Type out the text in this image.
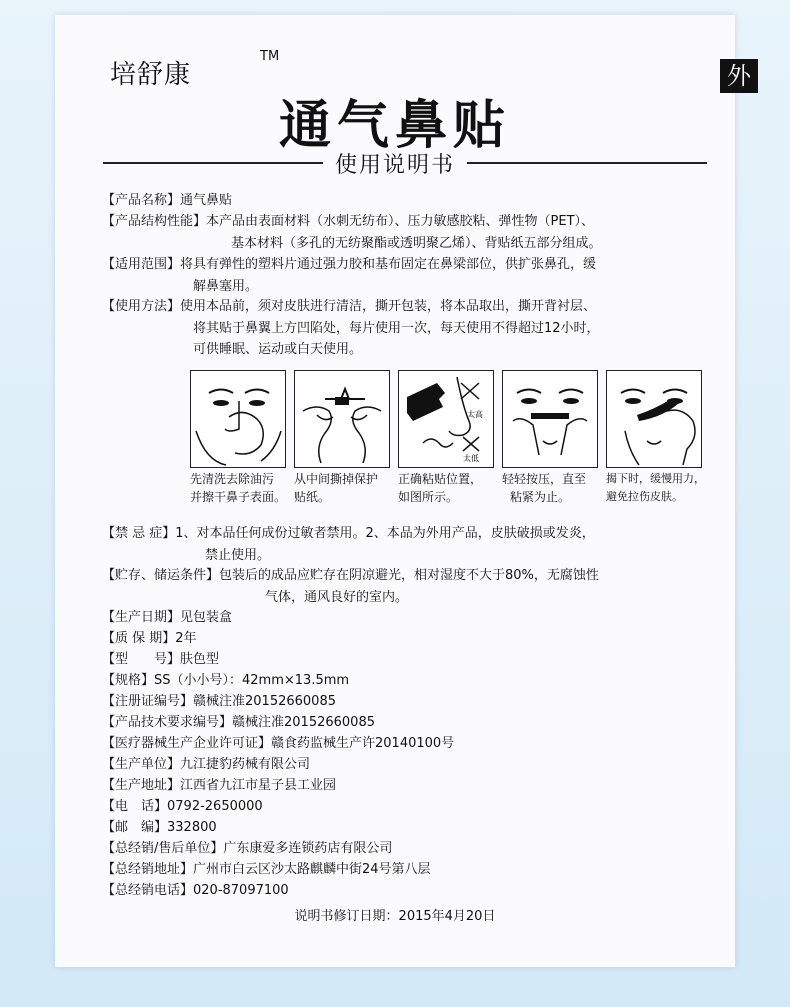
培舒康
TM
外
通气鼻贴
使用说明书
【产品名称】通气鼻贴
【产品结构性能】本产品由表面材料（水刺无纺布）、压力敏感胶粘、弹性物（PET）、
基本材料（多孔的无纺聚酯或透明聚乙烯）、背贴纸五部分组成。
【适用范围】将具有弹性的塑料片通过强力胶和基布固定在鼻梁部位，供扩张鼻孔，缓
解鼻塞用。
【使用方法】使用本品前，须对皮肤进行清洁，撕开包装，将本品取出，撕开背衬层、
将其贴于鼻翼上方凹陷处，每片使用一次，每天使用不得超过12小时，
可供睡眠、运动或白天使用。
太高
太低
先清洗去除油污
并擦干鼻子表面。
从中间撕掉保护
贴纸。
正确粘贴位置，
如图所示。
轻轻按压，直至
粘紧为止。
揭下时，缓慢用力，
避免拉伤皮肤。
【禁 忌 症】1、对本品任何成份过敏者禁用。2、本品为外用产品，皮肤破损或发炎，
禁止使用。
【贮存、储运条件】包装后的成品应贮存在阴凉避光，相对湿度不大于80%，无腐蚀性
气体，通风良好的室内。
【生产日期】见包装盒
【质 保 期】2年
【型　　号】肤色型
【规格】SS（小小号）：42mm×13.5mm
【注册证编号】赣械注准20152660085
【产品技术要求编号】赣械注准20152660085
【医疗器械生产企业许可证】赣食药监械生产许20140100号
【生产单位】九江捷豹药械有限公司
【生产地址】江西省九江市星子县工业园
【电　话】0792-2650000
【邮　编】332800
【总经销/售后单位】广东康爱多连锁药店有限公司
【总经销地址】广州市白云区沙太路麒麟中街24号第八层
【总经销电话】020-87097100
说明书修订日期：2015年4月20日
